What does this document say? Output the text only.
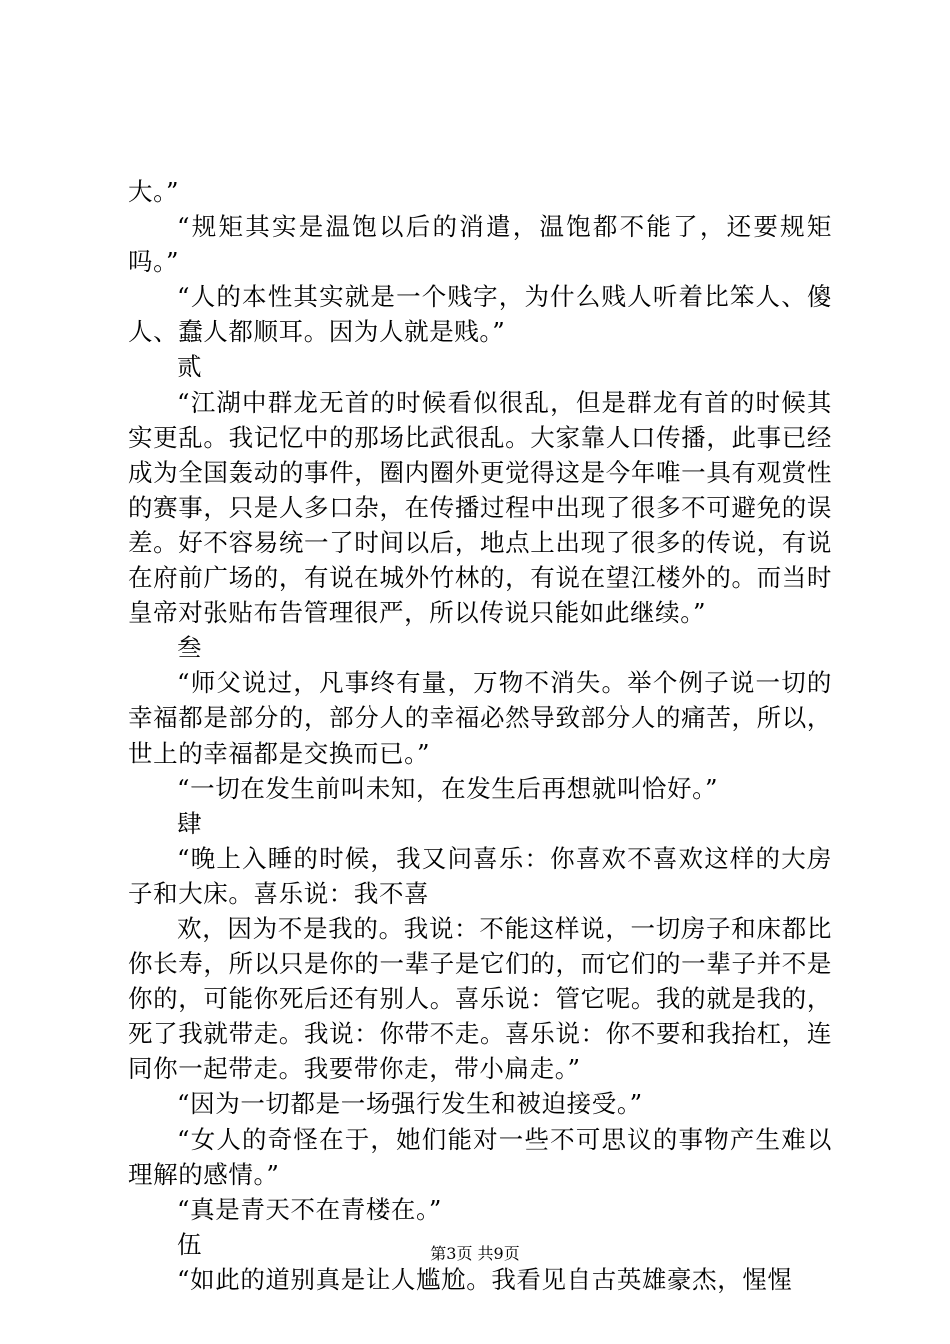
大。”

“规矩其实是温饱以后的消遣，温饱都不能了，还要规矩吗。”

“人的本性其实就是一个贱字，为什么贱人听着比笨人、傻人、蠢人都顺耳。因为人就是贱。”

贰

“江湖中群龙无首的时候看似很乱，但是群龙有首的时候其实更乱。我记忆中的那场比武很乱。大家靠人口传播，此事已经成为全国轰动的事件，圈内圈外更觉得这是今年唯一具有观赏性的赛事，只是人多口杂，在传播过程中出现了很多不可避免的误差。好不容易统一了时间以后，地点上出现了很多的传说，有说在府前广场的，有说在城外竹林的，有说在望江楼外的。而当时皇帝对张贴布告管理很严，所以传说只能如此继续。”

叁

“师父说过，凡事终有量，万物不消失。举个例子说一切的幸福都是部分的，部分人的幸福必然导致部分人的痛苦，所以，世上的幸福都是交换而已。”

“一切在发生前叫未知，在发生后再想就叫恰好。”

肆

“晚上入睡的时候，我又问喜乐：你喜欢不喜欢这样的大房子和大床。喜乐说：我不喜

欢，因为不是我的。我说：不能这样说，一切房子和床都比你长寿，所以只是你的一辈子是它们的，而它们的一辈子并不是你的，可能你死后还有别人。喜乐说：管它呢。我的就是我的，死了我就带走。我说：你带不走。喜乐说：你不要和我抬杠，连同你一起带走。我要带你走，带小扁走。”

“因为一切都是一场强行发生和被迫接受。”

“女人的奇怪在于，她们能对一些不可思议的事物产生难以理解的感情。”

“真是青天不在青楼在。”

伍

“如此的道别真是让人尴尬。我看见自古英雄豪杰，惺惺

第3页 共9页
